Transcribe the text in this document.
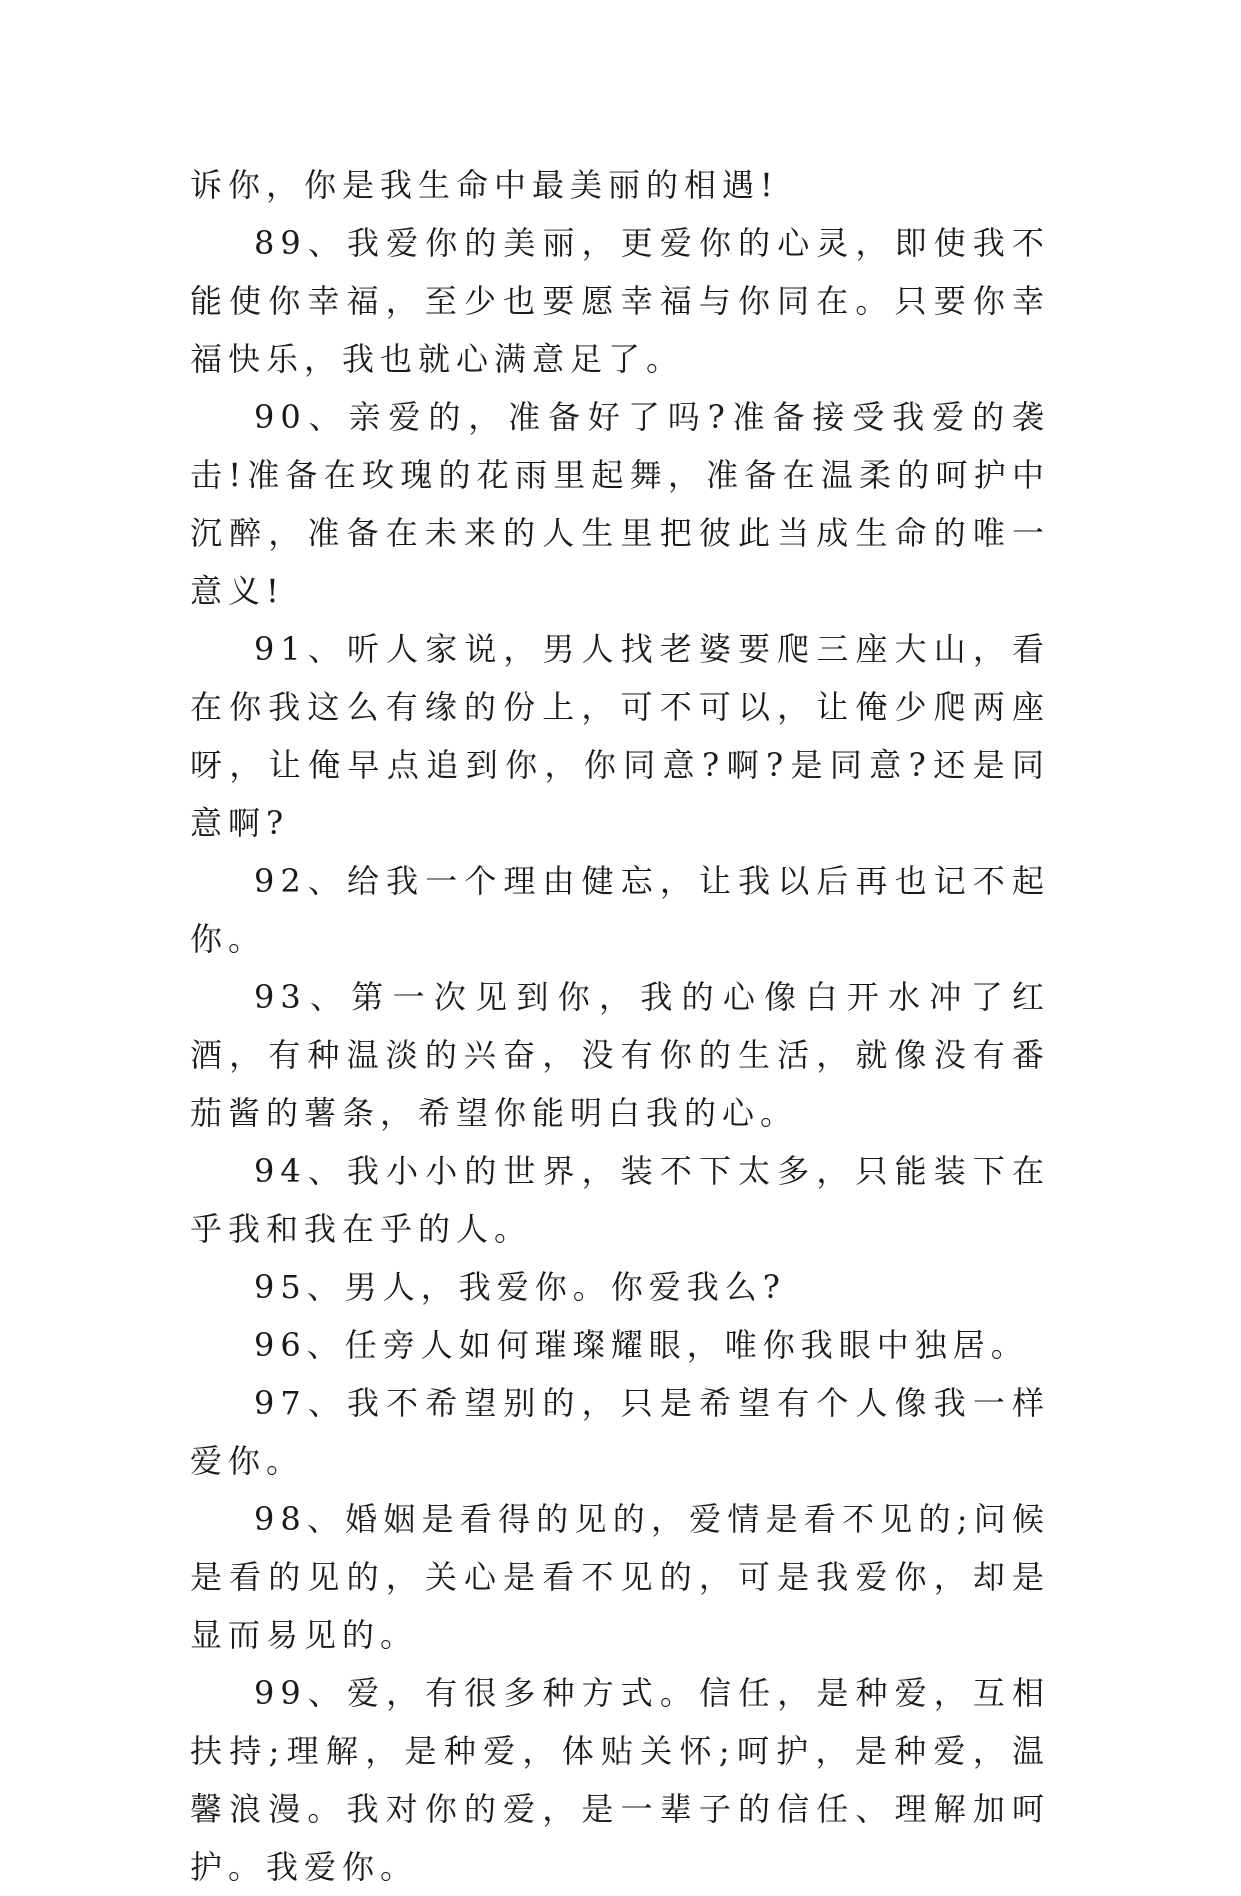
诉你，你是我生命中最美丽的相遇!

89、我爱你的美丽，更爱你的心灵，即使我不能使你幸福，至少也要愿幸福与你同在。只要你幸福快乐，我也就心满意足了。

90、亲爱的，准备好了吗?准备接受我爱的袭击!准备在玫瑰的花雨里起舞，准备在温柔的呵护中沉醉，准备在未来的人生里把彼此当成生命的唯一意义!

91、听人家说，男人找老婆要爬三座大山，看在你我这么有缘的份上，可不可以，让俺少爬两座呀，让俺早点追到你，你同意?啊?是同意?还是同意啊?

92、给我一个理由健忘，让我以后再也记不起你。

93、第一次见到你，我的心像白开水冲了红酒，有种温淡的兴奋，没有你的生活，就像没有番茄酱的薯条，希望你能明白我的心。

94、我小小的世界，装不下太多，只能装下在乎我和我在乎的人。

95、男人，我爱你。你爱我么?

96、任旁人如何璀璨耀眼，唯你我眼中独居。

97、我不希望别的，只是希望有个人像我一样爱你。

98、婚姻是看得的见的，爱情是看不见的;问候是看的见的，关心是看不见的，可是我爱你，却是显而易见的。

99、爱，有很多种方式。信任，是种爱，互相扶持;理解，是种爱，体贴关怀;呵护，是种爱，温馨浪漫。我对你的爱，是一辈子的信任、理解加呵护。我爱你。
